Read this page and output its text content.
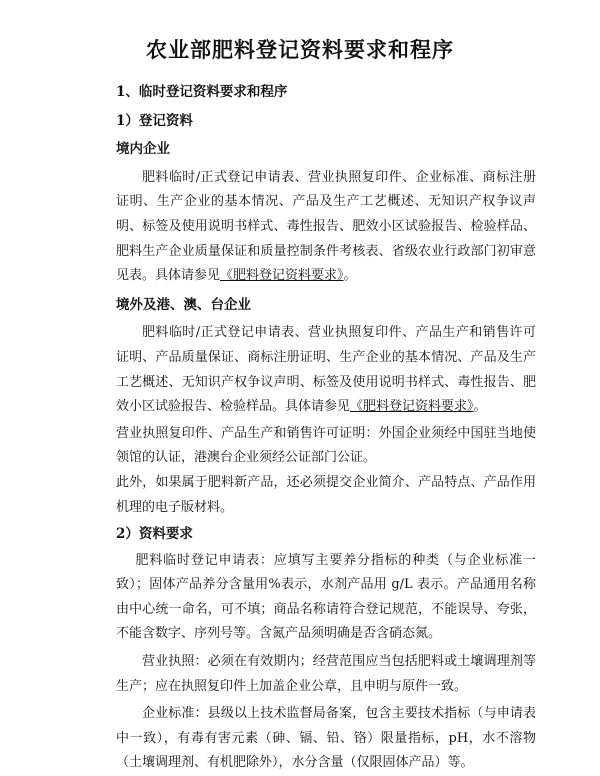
农业部肥料登记资料要求和程序

1、临时登记资料要求和程序

1）登记资料

境内企业

肥料临时/正式登记申请表、营业执照复印件、企业标准、商标注册证明、生产企业的基本情况、产品及生产工艺概述、无知识产权争议声明、标签及使用说明书样式、毒性报告、肥效小区试验报告、检验样品、肥料生产企业质量保证和质量控制条件考核表、省级农业行政部门初审意见表。具体请参见《肥料登记资料要求》。

境外及港、澳、台企业

肥料临时/正式登记申请表、营业执照复印件、产品生产和销售许可证明、产品质量保证、商标注册证明、生产企业的基本情况、产品及生产工艺概述、无知识产权争议声明、标签及使用说明书样式、毒性报告、肥效小区试验报告、检验样品。具体请参见《肥料登记资料要求》。

营业执照复印件、产品生产和销售许可证明：外国企业须经中国驻当地使领馆的认证，港澳台企业须经公证部门公证。

此外，如果属于肥料新产品，还必须提交企业简介、产品特点、产品作用机理的电子版材料。

2）资料要求

肥料临时登记申请表：应填写主要养分指标的种类（与企业标准一致）；固体产品养分含量用%表示，水剂产品用 g/L 表示。产品通用名称由中心统一命名，可不填；商品名称请符合登记规范，不能误导、夸张，不能含数字、序列号等。含氮产品须明确是否含硝态氮。

营业执照：必须在有效期内；经营范围应当包括肥料或土壤调理剂等生产；应在执照复印件上加盖企业公章，且申明与原件一致。

企业标准：县级以上技术监督局备案，包含主要技术指标（与申请表中一致），有毒有害元素（砷、镉、铅、铬）限量指标，pH，水不溶物（土壤调理剂、有机肥除外），水分含量（仅限固体产品）等。
